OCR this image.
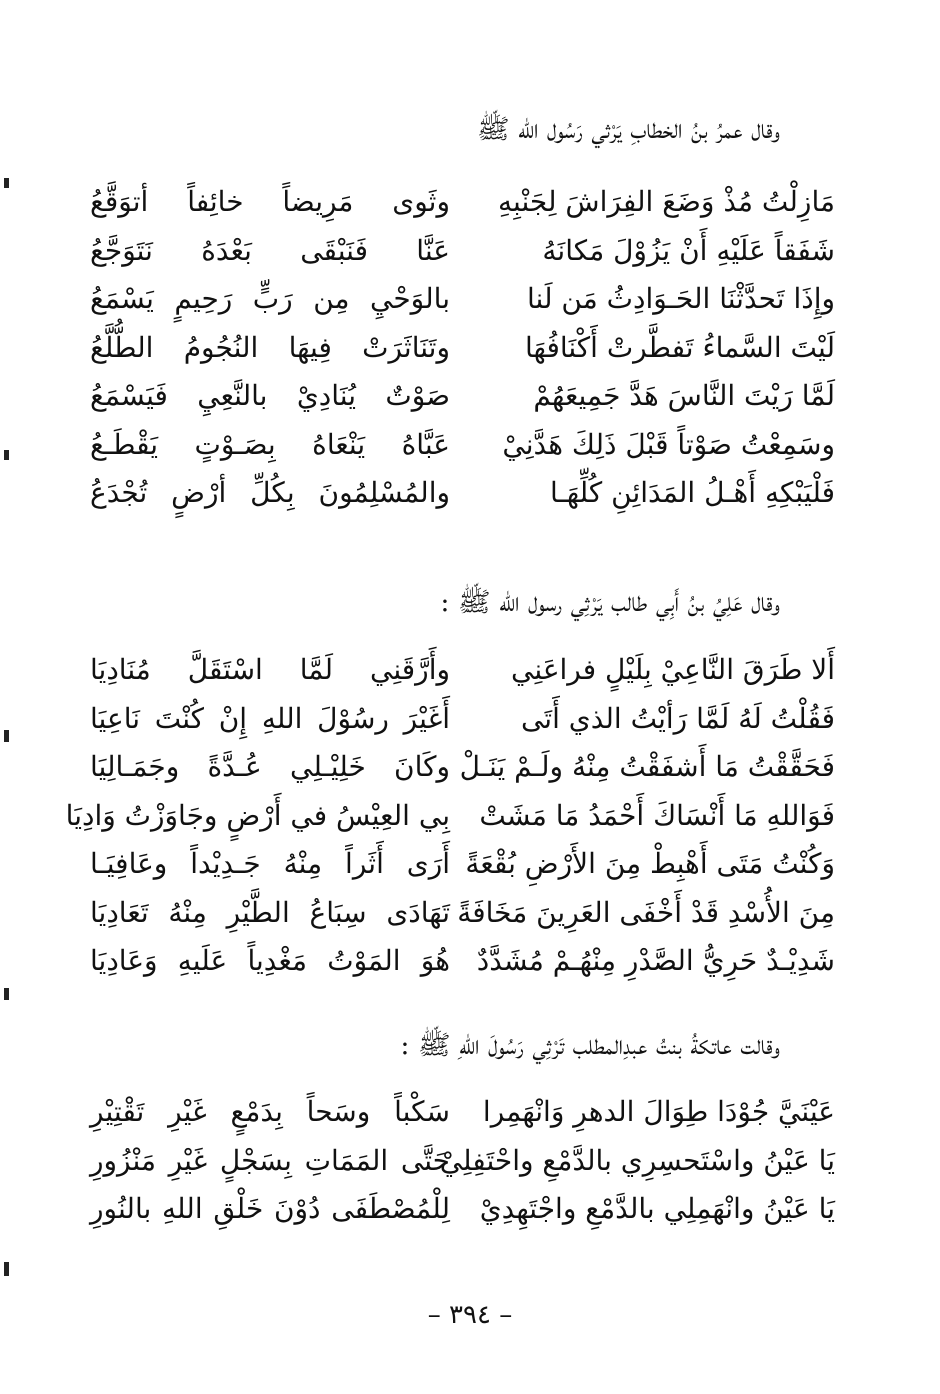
وقال عمرُ بنُ الخطابِ يَرْثي رَسُول الله ﷺ
مَازِلْتُ مُذْ وَضَعَ الفِرَاشَ لِجَنْبِهِ
وثَوى مَرِيضاً خائِفاً أتوَقَّعُ
شَفَقاً عَلَيْهِ أَنْ يَزُوْلَ مَكانَهُ
عَنَّا فَنَبْقَى بَعْدَهُ نَتَوَجَّعُ
وإِذَا تَحدَّثْنَا الحَـوَادِثُ مَن لَنا
بالوَحْيِ مِن رَبٍّ رَحِيمٍ يَسْمَعُ
لَيْتَ السَّماءُ تَفطَّرتْ أَكْنَافُهَا
وتَنَاثَرَتْ فِيهَا النُجُومُ الطُّلَّعُ
لَمَّا رَيْتَ النَّاسَ هَدَّ جَمِيعَهُمْ
صَوْتٌ يُنَادِيْ بالنَّعِيِ فَيَسْمَعُ
وسَمِعْتُ صَوْتاً قَبْلَ ذَلِكَ هَدَّنِيْ
عَبَّاهُ يَنْعَاهُ بِصَـوْتٍ يَقْطَـعُ
فَلْيَبْكِهِ أَهْـلُ المَدَائِنِ كُلِّهَـا
والمُسْلِمُونَ بِكُلِّ أرْضٍ تُجْدَعُ
وقال عَلِيُ بنُ أَبِي طالب يَرْثِي رسول الله ﷺ :
أَلا طَرَقَ النَّاعِيْ بِلَيْلٍ فراعَنِي
وأَرَّقَنِي لَمَّا اسْتَقَلَّ مُنَادِيَا
فَقُلْتُ لَهُ لَمَّا رَأيْتُ الذي أَتَى
أَغَيْرَ رسُوْلَ اللهِ إِنْ كُنْتَ نَاعِيَا
فَحَقَّقْتُ مَا أَشفَقْتُ مِنْهُ ولَـمْ يَنَـلْ
وكَانَ خَلِيْـلِي عُـدَّةً وجَمَـالِيَا
فَوَاللهِ مَا أَنْسَاكَ أَحْمَدُ مَا مَشَتْ
بِي العِيْسُ في أَرْضٍ وجَاوَزْتُ وَادِيَا
وَكُنْتُ مَتَى أَهْبِطْ مِنَ الأَرْضِ بُقْعَةً
أَرَى أَثَراً مِنْهُ جَـدِيْداً وعَافِيَـا
مِنَ الأُسْدِ قَدْ أَخْفَى العَرِينَ مَخَافَةً
تَهَادَى سِبَاعُ الطَّيْرِ مِنْهُ تَعَادِيَا
شَدِيْـدٌ حَرِيُّ الصَّدْرِ مِنْهُـمْ مُشَدَّدٌ
هُوَ المَوْتُ مَغْدِياً عَلَيهِ وَعَادِيَا
وقالت عاتكةُ بنتُ عبدِالمطلب تَرْثِي رَسُولَ اللهِ ﷺ :
عَيْنَيَّ جُوْدَا طِوَالَ الدهرِ وَانْهَمِرا
سَكْباً وسَحاً بِدَمْعٍ غَيْرِ تَقْتِيْرِ
يَا عَيْنُ واسْتَحسِرِي بالدَّمْعِ واحْتَفِلِيْ
حَتَّى المَمَاتِ بِسَجْلٍ غَيْرِ مَنْزُورِ
يَا عَيْنُ وانْهَمِلِي بالدَّمْعِ واجْتَهِدِيْ
لِلْمُصْطَفَى دُوْنَ خَلْقِ اللهِ بالنُورِ
– ٣٩٤ –
